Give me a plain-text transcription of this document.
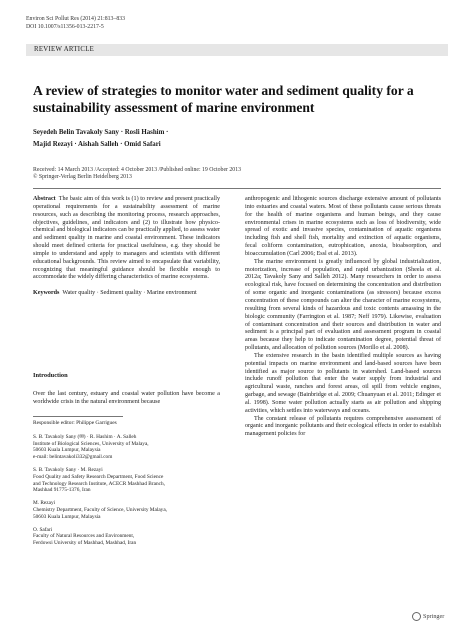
Environ Sci Pollut Res (2014) 21:813–833
DOI 10.1007/s11356-013-2217-5
REVIEW ARTICLE
A review of strategies to monitor water and sediment quality for a sustainability assessment of marine environment
Seyedeh Belin Tavakoly Sany · Rosli Hashim ·
Majid Rezayi · Aishah Salleh · Omid Safari
Received: 14 March 2013 /Accepted: 4 October 2013 /Published online: 19 October 2013
© Springer-Verlag Berlin Heidelberg 2013

Abstract The basic aim of this work is (1) to review and present practically operational requirements for a sustainability assessment of marine resources, such as describing the monitoring process, research approaches, objectives, guidelines, and indicators and (2) to illustrate how physico-chemical and biological indicators can be practically applied, to assess water and sediment quality in marine and coastal environment. These indicators should meet defined criteria for practical usefulness, e.g. they should be simple to understand and apply to managers and scientists with different educational backgrounds. This review aimed to encapsulate that variability, recognizing that meaningful guidance should be flexible enough to accommodate the widely differing characteristics of marine ecosystems.

Keywords Water quality · Sediment quality · Marine environment

Introduction

Over the last century, estuary and coastal water pollution have become a worldwide crisis in the natural environment because

Responsible editor: Philippe Garrigues

S. B. Tavakoly Sany (✉) · R. Hashim · A. Salleh
Institute of Biological Sciences, University of Malaya,
50603 Kuala Lumpur, Malaysia
e-mail: belintavakoli332@gmail.com

S. B. Tavakoly Sany · M. Rezayi
Food Quality and Safety Research Department, Food Science
and Technology Research Institute, ACECR Mashhad Branch,
Mashhad 91775-1376, Iran

M. Rezayi
Chemistry Department, Faculty of Science, University Malaya,
50603 Kuala Lumpur, Malaysia

O. Safari
Faculty of Natural Resources and Environment,
Ferdowsi University of Mashhad, Mashhad, Iran

anthropogenic and lithogenic sources discharge extensive amount of pollutants into estuaries and coastal waters. Most of these pollutants cause serious threats for the health of marine organisms and human beings, and they cause environmental crises in marine ecosystems such as loss of biodiversity, wide spread of exotic and invasive species, contamination of aquatic organisms including fish and shell fish, mortality and extinction of aquatic organisms, fecal coliform contamination, eutrophication, anoxia, bioabsorption, and bioaccumulation (Carl 2006; Essl et al. 2013).

The marine environment is greatly influenced by global industrialization, motorization, increase of population, and rapid urbanization (Sheela et al. 2012a; Tavakoly Sany and Salleh 2012). Many researchers in order to assess ecological risk, have focused on determining the concentration and distribution of some organic and inorganic contaminations (as stressors) because excess concentration of these compounds can alter the character of marine ecosystems, resulting from several kinds of hazardous and toxic contents amassing in the biologic community (Farrington et al. 1987; Neff 1979). Likewise, evaluation of contaminant concentration and their sources and distribution in water and sediment is a principal part of evaluation and assessment program in coastal areas because they help to indicate contamination degree, potential threat of pollutants, and allocation of pollution sources (Morillo et al. 2008).

The extensive research in the basin identified multiple sources as having potential impacts on marine environment and land-based sources have been identified as major source to pollutants in watershed. Land-based sources include runoff pollution that enter the water supply from industrial and agricultural waste, ranches and forest areas, oil spill from vehicle engines, garbage, and sewage (Bainbridge et al. 2009; Chuanyuan et al. 2011; Edinger et al. 1998). Some water pollution actually starts as air pollution and shipping activities, which settles into waterways and oceans.

The constant release of pollutants requires comprehensive assessment of organic and inorganic pollutants and their ecological effects in order to establish management policies for

Springer
